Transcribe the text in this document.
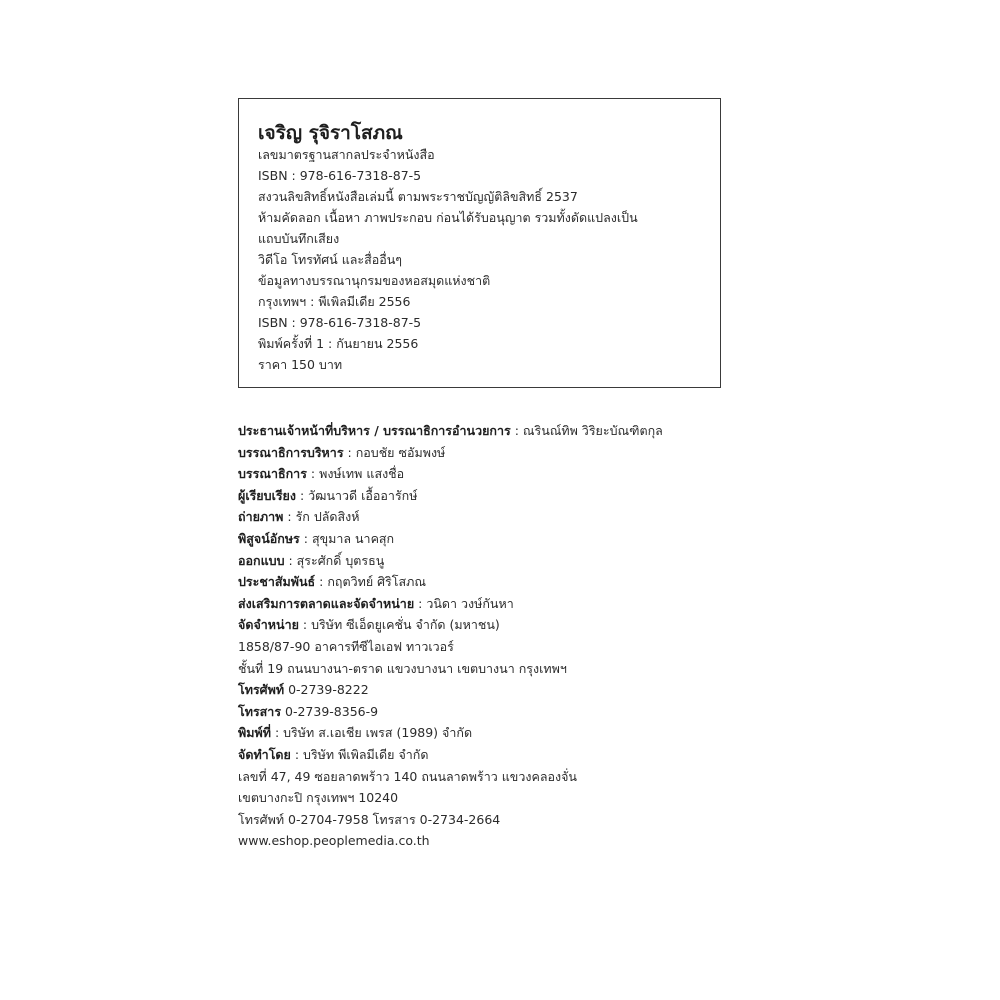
เจริญ รุจิราโสภณ
เลขมาตรฐานสากลประจำหนังสือ
ISBN : 978-616-7318-87-5
สงวนลิขสิทธิ์หนังสือเล่มนี้ ตามพระราชบัญญัติลิขสิทธิ์ 2537
ห้ามคัดลอก เนื้อหา ภาพประกอบ ก่อนได้รับอนุญาต รวมทั้งดัดแปลงเป็น
แถบบันทึกเสียง
วิดีโอ โทรทัศน์ และสื่ออื่นๆ
ข้อมูลทางบรรณานุกรมของหอสมุดแห่งชาติ
กรุงเทพฯ : พีเพิลมีเดีย 2556
ISBN : 978-616-7318-87-5
พิมพ์ครั้งที่ 1 : กันยายน 2556
ราคา 150 บาท
ประธานเจ้าหน้าที่บริหาร / บรรณาธิการอำนวยการ : ณรินณ์ทิพ วิริยะบัณฑิตกุล
บรรณาธิการบริหาร : กอบชัย ซอัมพงษ์
บรรณาธิการ : พงษ์เทพ แสงชื่อ
ผู้เรียบเรียง : วัฒนาวดี เอื้ออารักษ์
ถ่ายภาพ : รัก ปลัดสิงห์
พิสูจน์อักษร : สุขุมาล นาคสุก
ออกแบบ : สุระศักดิ์ บุตรธนู
ประชาสัมพันธ์ : กฤตวิทย์ ศิริโสภณ
ส่งเสริมการตลาดและจัดจำหน่าย : วนิดา วงษ์กันหา
จัดจำหน่าย : บริษัท ซีเอ็ดยูเคชั่น จำกัด (มหาชน)
1858/87-90 อาคารทีซีไอเอฟ ทาวเวอร์
ชั้นที่ 19 ถนนบางนา-ตราด แขวงบางนา เขตบางนา กรุงเทพฯ
โทรศัพท์ 0-2739-8222
โทรสาร 0-2739-8356-9
พิมพ์ที่ : บริษัท ส.เอเชีย เพรส (1989) จำกัด
จัดทำโดย : บริษัท พีเพิลมีเดีย จำกัด
เลขที่ 47, 49 ซอยลาดพร้าว 140 ถนนลาดพร้าว แขวงคลองจั่น
เขตบางกะปิ กรุงเทพฯ 10240
โทรศัพท์ 0-2704-7958 โทรสาร 0-2734-2664
www.eshop.peoplemedia.co.th
